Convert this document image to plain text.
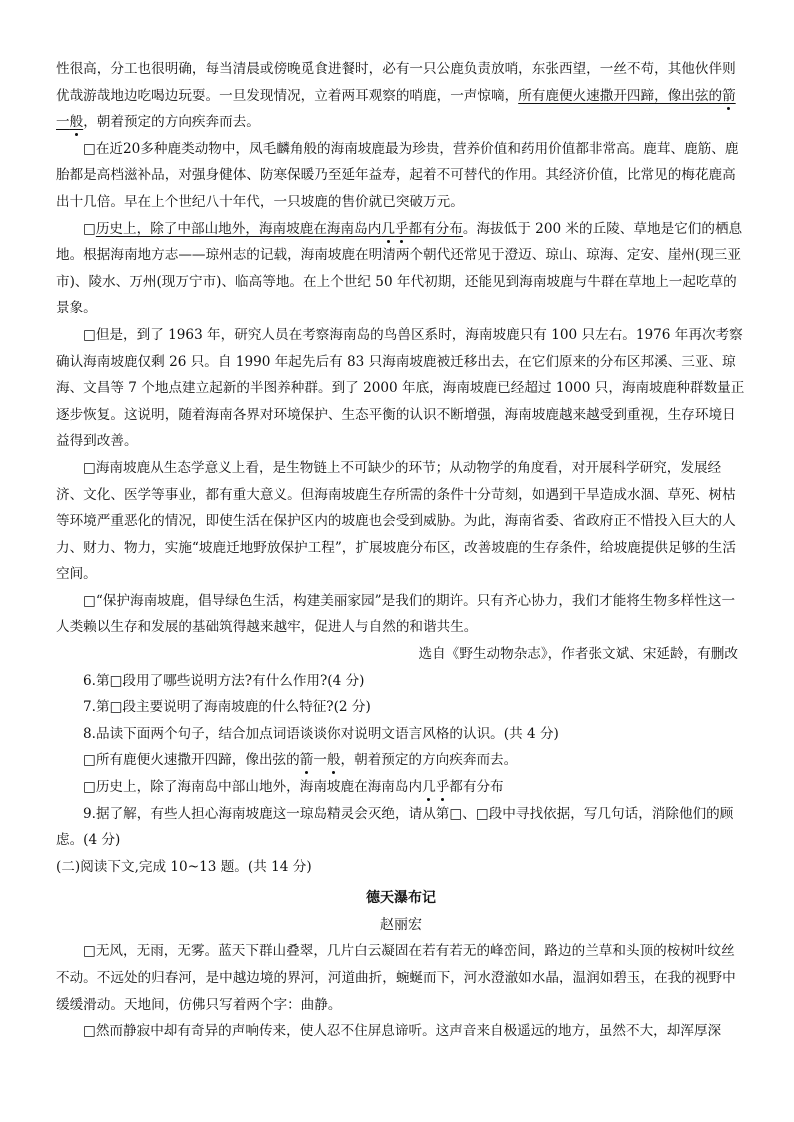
性很高，分工也很明确，每当清晨或傍晚觅食进餐时，必有一只公鹿负责放哨，东张西望，一丝不苟，其他伙伴则优哉游哉地边吃喝边玩耍。一旦发现情况，立着两耳观察的哨鹿，一声惊嘀，所有鹿便火速撒开四蹄，像出弦的箭一般，朝着预定的方向疾奔而去。

□在近20多种鹿类动物中，凤毛麟角般的海南坡鹿最为珍贵，营养价值和药用价值都非常高。鹿茸、鹿筋、鹿胎都是高档滋补品，对强身健体、防寒保暖乃至延年益寿，起着不可替代的作用。其经济价值，比常见的梅花鹿高出十几倍。早在上个世纪八十年代，一只坡鹿的售价就已突破万元。

□历史上，除了中部山地外，海南坡鹿在海南岛内几乎都有分布。海拔低于 200 米的丘陵、草地是它们的栖息地。根据海南地方志——琼州志的记载，海南坡鹿在明清两个朝代还常见于澄迈、琼山、琼海、定安、崖州(现三亚市)、陵水、万州(现万宁市)、临高等地。在上个世纪 50 年代初期，还能见到海南坡鹿与牛群在草地上一起吃草的景象。

□但是，到了 1963 年，研究人员在考察海南岛的鸟兽区系时，海南坡鹿只有 100 只左右。1976 年再次考察确认海南坡鹿仅剩 26 只。自 1990 年起先后有 83 只海南坡鹿被迁移出去，在它们原来的分布区邦溪、三亚、琼海、文昌等 7 个地点建立起新的半图养种群。到了 2000 年底，海南坡鹿已经超过 1000 只，海南坡鹿种群数量正逐步恢复。这说明，随着海南各界对环境保护、生态平衡的认识不断增强，海南坡鹿越来越受到重视，生存环境日益得到改善。

□海南坡鹿从生态学意义上看，是生物链上不可缺少的环节；从动物学的角度看，对开展科学研究，发展经济、文化、医学等事业，都有重大意义。但海南坡鹿生存所需的条件十分苛刻，如遇到干旱造成水涸、草死、树枯等环境严重恶化的情况，即使生活在保护区内的坡鹿也会受到威胁。为此，海南省委、省政府正不惜投入巨大的人力、财力、物力，实施“坡鹿迁地野放保护工程”，扩展坡鹿分布区，改善坡鹿的生存条件，给坡鹿提供足够的生活空间。

□“保护海南坡鹿，倡导绿色生活，构建美丽家园”是我们的期许。只有齐心协力，我们才能将生物多样性这一人类赖以生存和发展的基础筑得越来越牢，促进人与自然的和谐共生。

选自《野生动物杂志》，作者张文斌、宋延龄，有删改

6.第□段用了哪些说明方法?有什么作用?(4 分)

7.第□段主要说明了海南坡鹿的什么特征?(2 分)

8.品读下面两个句子，结合加点词语谈谈你对说明文语言风格的认识。(共 4 分)

□所有鹿便火速撒开四蹄，像出弦的箭一般，朝着预定的方向疾奔而去。

□历史上，除了海南岛中部山地外，海南坡鹿在海南岛内几乎都有分布

9.据了解，有些人担心海南坡鹿这一琼岛精灵会灭绝，请从第□、□段中寻找依据，写几句话，消除他们的顾虑。(4 分)

(二)阅读下文,完成 10~13 题。(共 14 分)

德天瀑布记

赵丽宏

□无风，无雨，无雾。蓝天下群山叠翠，几片白云凝固在若有若无的峰峦间，路边的兰草和头顶的桉树叶纹丝不动。不远处的归春河，是中越边境的界河，河道曲折，蜿蜒而下，河水澄澈如水晶，温润如碧玉，在我的视野中缓缓滑动。天地间，仿佛只写着两个字：曲静。

□然而静寂中却有奇异的声响传来，使人忍不住屏息谛听。这声音来自极遥远的地方，虽然不大，却浑厚深
